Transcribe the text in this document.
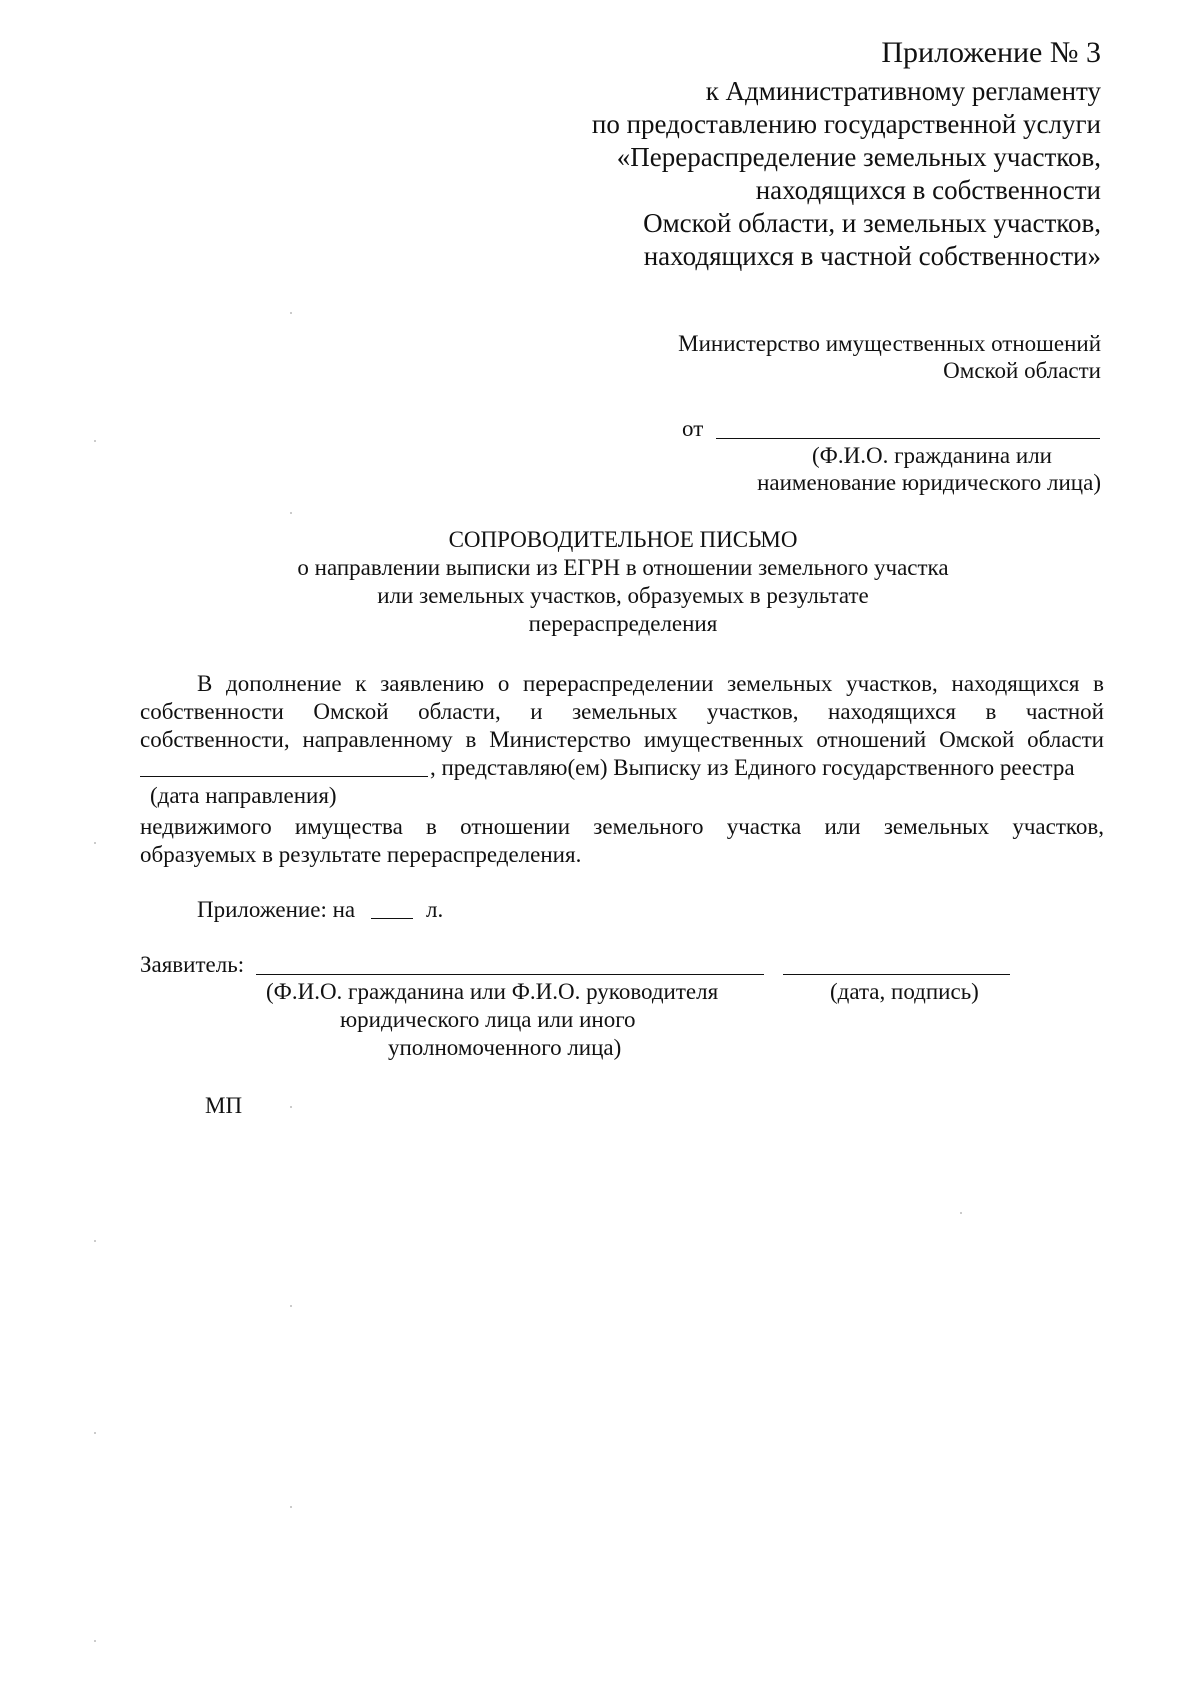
Приложение № 3
к Административному регламенту
по предоставлению государственной услуги
«Перераспределение земельных участков,
находящихся в собственности
Омской области, и земельных участков,
находящихся в частной собственности»
Министерство имущественных отношений
Омской области
от
(Ф.И.О. гражданина или
наименование юридического лица)
СОПРОВОДИТЕЛЬНОЕ ПИСЬМО
о направлении выписки из ЕГРН в отношении земельного участка
или земельных участков, образуемых в результате
перераспределения
В дополнение к заявлению о перераспределении земельных участков, находящихся в
собственности Омской области, и земельных участков, находящихся в частной
собственности, направленному в Министерство имущественных отношений Омской области
, представляю(ем) Выписку из Единого государственного реестра
(дата направления)
недвижимого имущества в отношении земельного участка или земельных участков,
образуемых в результате перераспределения.
Приложение: на	л.
Заявитель:
(Ф.И.О. гражданина или Ф.И.О. руководителя	(дата, подпись)
юридического лица или иного
уполномоченного лица)
МП
